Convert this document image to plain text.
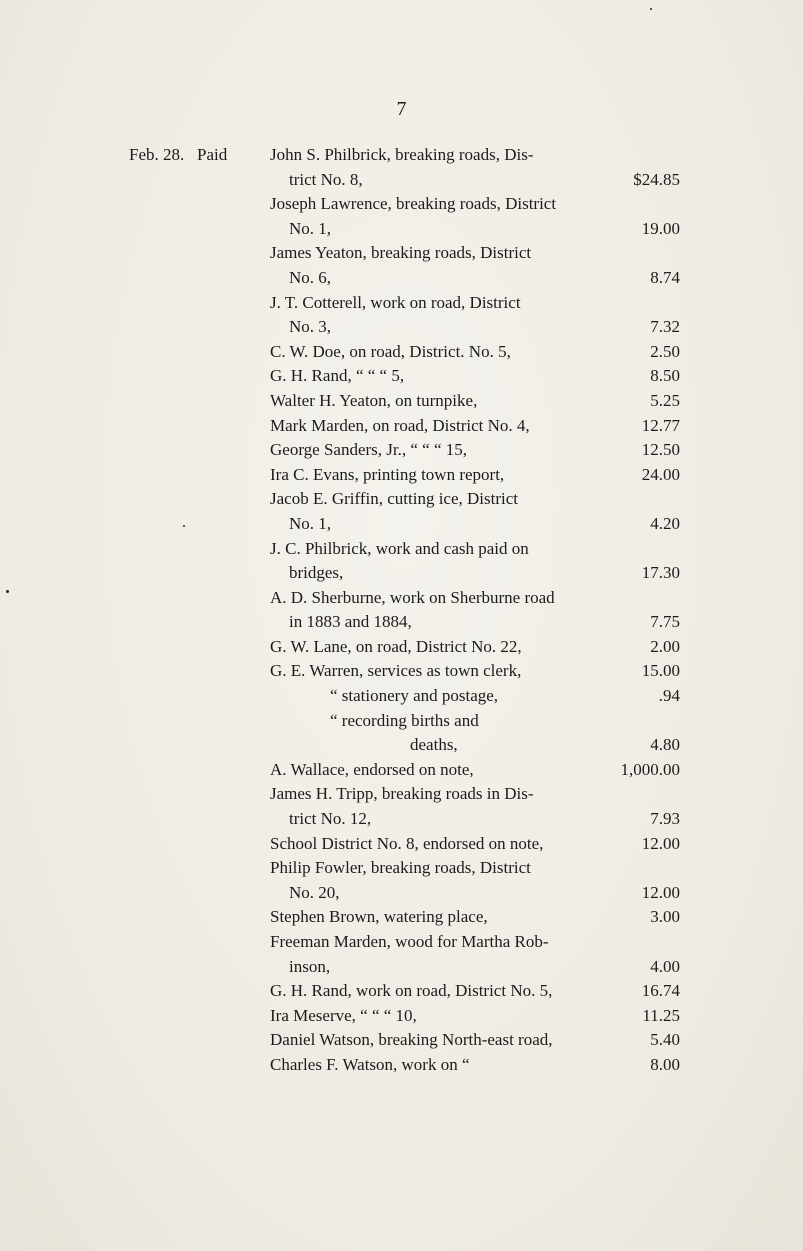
7
Feb. 28. Paid	John S. Philbrick, breaking roads, Dis-
trict No. 8,	$24.85
Joseph Lawrence, breaking roads, District
No. 1,	19.00
James Yeaton, breaking roads, District
No. 6,	8.74
J. T. Cotterell, work on road, District
No. 3,	7.32
C. W. Doe, on road, District. No. 5,	2.50
G. H. Rand, “ “ “ 5,	8.50
Walter H. Yeaton, on turnpike,	5.25
Mark Marden, on road, District No. 4,	12.77
George Sanders, Jr., “ “ “ 15,	12.50
Ira C. Evans, printing town report,	24.00
Jacob E. Griffin, cutting ice, District
No. 1,	4.20
J. C. Philbrick, work and cash paid on
bridges,	17.30
A. D. Sherburne, work on Sherburne road
in 1883 and 1884,	7.75
G. W. Lane, on road, District No. 22,	2.00
G. E. Warren, services as town clerk,	15.00
“ stationery and postage,	.94
“ recording births and
deaths,	4.80
A. Wallace, endorsed on note,	1,000.00
James H. Tripp, breaking roads in Dis-
trict No. 12,	7.93
School District No. 8, endorsed on note,	12.00
Philip Fowler, breaking roads, District
No. 20,	12.00
Stephen Brown, watering place,	3.00
Freeman Marden, wood for Martha Rob-
inson,	4.00
G. H. Rand, work on road, District No. 5,	16.74
Ira Meserve, “ “ “ 10,	11.25
Daniel Watson, breaking North-east road,	5.40
Charles F. Watson, work on “	8.00
